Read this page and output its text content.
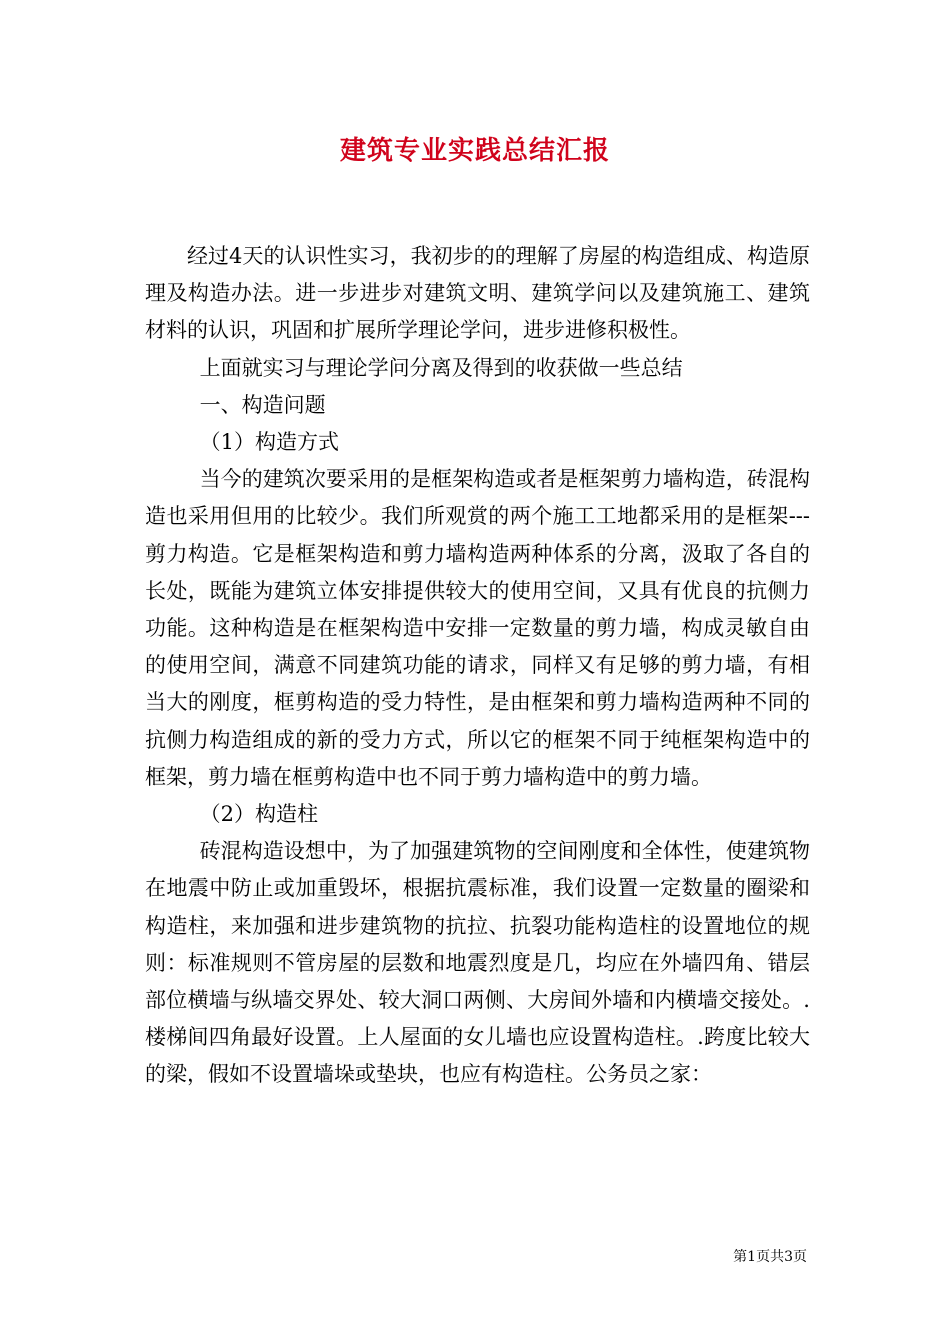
建筑专业实践总结汇报

经过4天的认识性实习，我初步的的理解了房屋的构造组成、构造原理及构造办法。进一步进步对建筑文明、建筑学问以及建筑施工、建筑材料的认识，巩固和扩展所学理论学问，进步进修积极性。

上面就实习与理论学问分离及得到的收获做一些总结

一、构造问题

（1）构造方式

当今的建筑次要采用的是框架构造或者是框架剪力墙构造，砖混构造也采用但用的比较少。我们所观赏的两个施工工地都采用的是框架---剪力构造。它是框架构造和剪力墙构造两种体系的分离，汲取了各自的长处，既能为建筑立体安排提供较大的使用空间，又具有优良的抗侧力功能。这种构造是在框架构造中安排一定数量的剪力墙，构成灵敏自由的使用空间，满意不同建筑功能的请求，同样又有足够的剪力墙，有相当大的刚度，框剪构造的受力特性，是由框架和剪力墙构造两种不同的抗侧力构造组成的新的受力方式，所以它的框架不同于纯框架构造中的框架，剪力墙在框剪构造中也不同于剪力墙构造中的剪力墙。

（2）构造柱

砖混构造设想中，为了加强建筑物的空间刚度和全体性，使建筑物在地震中防止或加重毁坏，根据抗震标准，我们设置一定数量的圈梁和构造柱，来加强和进步建筑物的抗拉、抗裂功能构造柱的设置地位的规则：标准规则不管房屋的层数和地震烈度是几，均应在外墙四角、错层部位横墙与纵墙交界处、较大洞口两侧、大房间外墙和内横墙交接处。.楼梯间四角最好设置。上人屋面的女儿墙也应设置构造柱。.跨度比较大的梁，假如不设置墙垛或垫块，也应有构造柱。公务员之家：

第1页共3页
